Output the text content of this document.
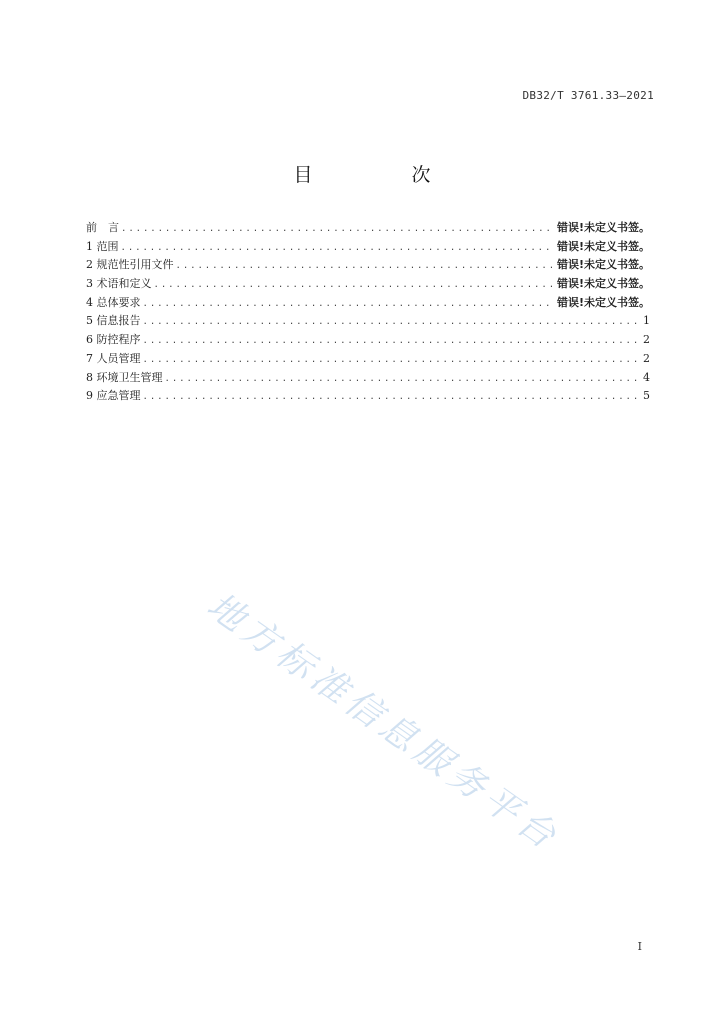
DB32/T 3761.33—2021
目　次
前　言 .....	错误!未定义书签。
1 范围 .....	错误!未定义书签。
2 规范性引用文件 .....	错误!未定义书签。
3 术语和定义 .....	错误!未定义书签。
4 总体要求 .....	错误!未定义书签。
5 信息报告 .....	1
6 防控程序 .....	2
7 人员管理 .....	2
8 环境卫生管理 .....	4
9 应急管理 .....	5
地方标准信息服务平台
I
